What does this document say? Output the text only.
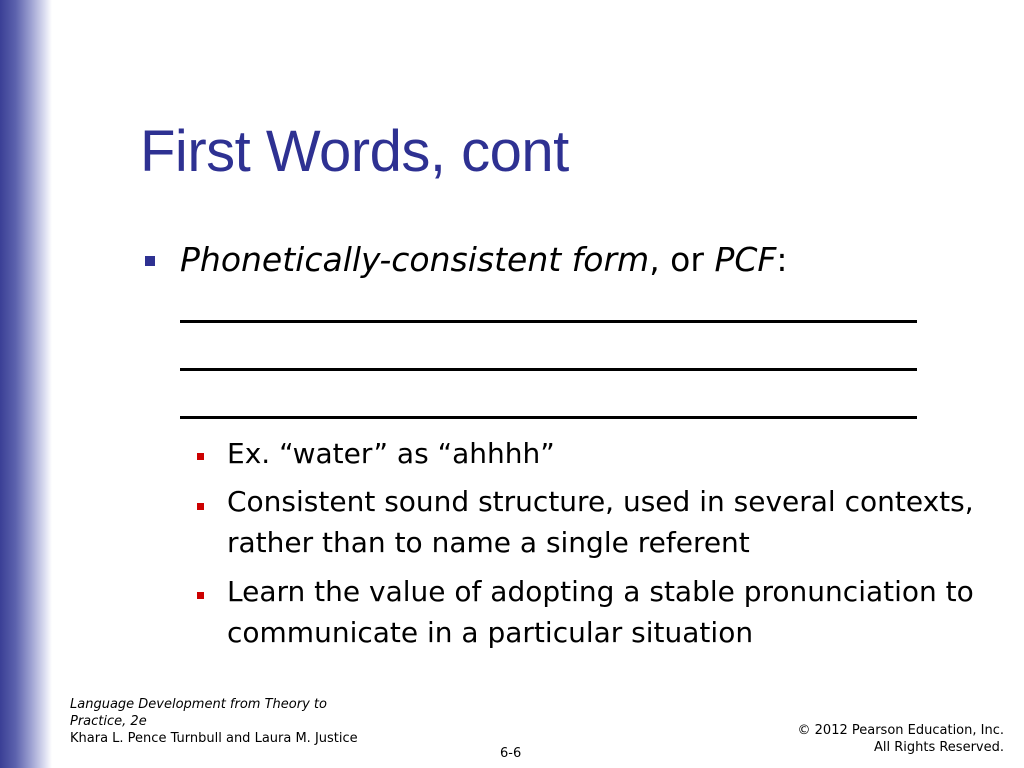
First Words, cont
Phonetically-consistent form, or PCF:
Ex. “water” as “ahhhh”
Consistent sound structure, used in several contexts, rather than to name a single referent
Learn the value of adopting a stable pronunciation to communicate in a particular situation
Language Development from Theory to Practice, 2e
Khara L. Pence Turnbull and Laura M. Justice
© 2012 Pearson Education, Inc.
All Rights Reserved.
6-6
